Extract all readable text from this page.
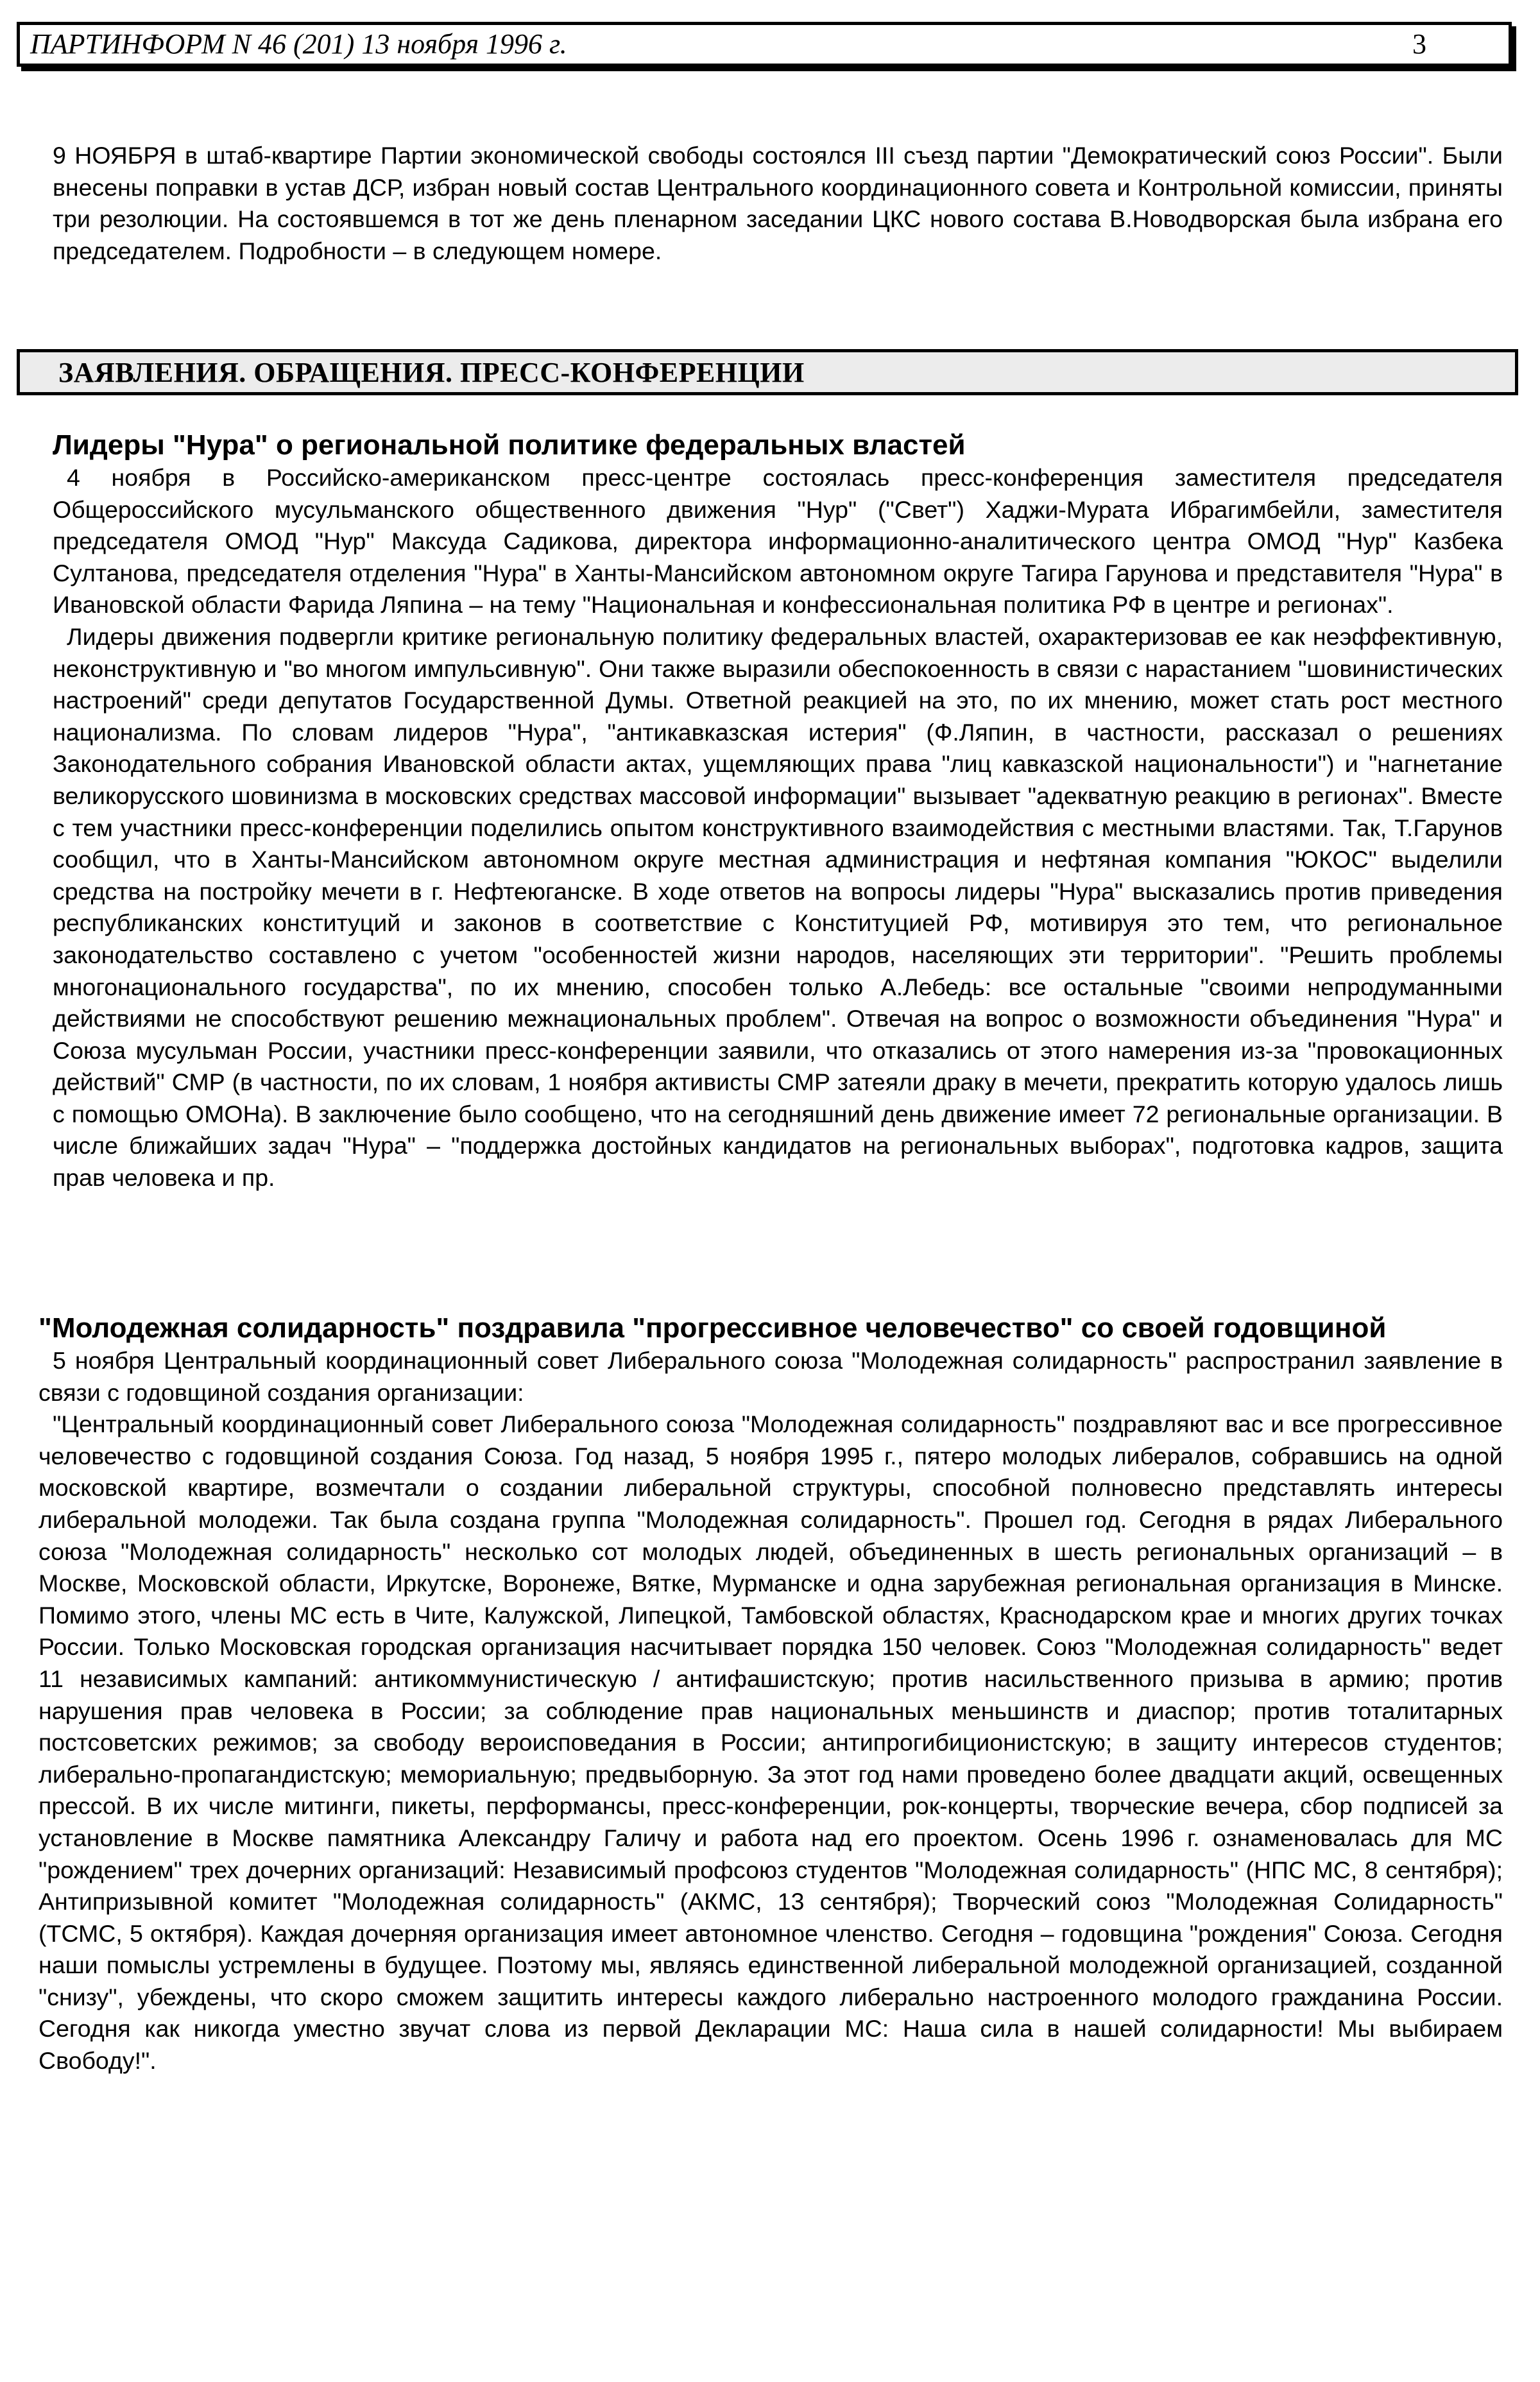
ПАРТИНФОРМ N 46 (201) 13 ноября 1996 г.	3

9 НОЯБРЯ в штаб-квартире Партии экономической свободы состоялся III съезд партии "Демократический союз России". Были внесены поправки в устав ДСР, избран новый состав Центрального координационного совета и Контрольной комиссии, приняты три резолюции. На состоявшемся в тот же день пленарном заседании ЦКС нового состава В.Новодворская была избрана его председателем. Подробности – в следующем номере.

ЗАЯВЛЕНИЯ. ОБРАЩЕНИЯ. ПРЕСС-КОНФЕРЕНЦИИ
Лидеры "Нура" о региональной политике федеральных властей

4 ноября в Российско-американском пресс-центре состоялась пресс-конференция заместителя председателя Общероссийского мусульманского общественного движения "Нур" ("Свет") Хаджи-Мурата Ибрагимбейли, заместителя председателя ОМОД "Нур" Максуда Садикова, директора информационно-аналитического центра ОМОД "Нур" Казбека Султанова, председателя отделения "Нура" в Ханты-Мансийском автономном округе Тагира Гарунова и представителя "Нура" в Ивановской области Фарида Ляпина – на тему "Национальная и конфессиональная политика РФ в центре и регионах".

Лидеры движения подвергли критике региональную политику федеральных властей, охарактеризовав ее как неэффективную, неконструктивную и "во многом импульсивную". Они также выразили обеспокоенность в связи с нарастанием "шовинистических настроений" среди депутатов Государственной Думы. Ответной реакцией на это, по их мнению, может стать рост местного национализма. По словам лидеров "Нура", "антикавказская истерия" (Ф.Ляпин, в частности, рассказал о решениях Законодательного собрания Ивановской области актах, ущемляющих права "лиц кавказской национальности") и "нагнетание великорусского шовинизма в московских средствах массовой информации" вызывает "адекватную реакцию в регионах". Вместе с тем участники пресс-конференции поделились опытом конструктивного взаимодействия с местными властями. Так, Т.Гарунов сообщил, что в Ханты-Мансийском автономном округе местная администрация и нефтяная компания "ЮКОС" выделили средства на постройку мечети в г. Нефтеюганске. В ходе ответов на вопросы лидеры "Нура" высказались против приведения республиканских конституций и законов в соответствие с Конституцией РФ, мотивируя это тем, что региональное законодательство составлено с учетом "особенностей жизни народов, населяющих эти территории". "Решить проблемы многонационального государства", по их мнению, способен только А.Лебедь: все остальные "своими непродуманными действиями не способствуют решению межнациональных проблем". Отвечая на вопрос о возможности объединения "Нура" и Союза мусульман России, участники пресс-конференции заявили, что отказались от этого намерения из-за "провокационных действий" СМР (в частности, по их словам, 1 ноября активисты СМР затеяли драку в мечети, прекратить которую удалось лишь с помощью ОМОНа). В заключение было сообщено, что на сегодняшний день движение имеет 72 региональные организации. В числе ближайших задач "Нура" – "поддержка достойных кандидатов на региональных выборах", подготовка кадров, защита прав человека и пр.

"Молодежная солидарность" поздравила "прогрессивное человечество" со своей годовщиной

5 ноября Центральный координационный совет Либерального союза "Молодежная солидарность" распространил заявление в связи с годовщиной создания организации:

"Центральный координационный совет Либерального союза "Молодежная солидарность" поздравляют вас и все прогрессивное человечество с годовщиной создания Союза. Год назад, 5 ноября 1995 г., пятеро молодых либералов, собравшись на одной московской квартире, возмечтали о создании либеральной структуры, способной полновесно представлять интересы либеральной молодежи. Так была создана группа "Молодежная солидарность". Прошел год. Сегодня в рядах Либерального союза "Молодежная солидарность" несколько сот молодых людей, объединенных в шесть региональных организаций – в Москве, Московской области, Иркутске, Воронеже, Вятке, Мурманске и одна зарубежная региональная организация в Минске. Помимо этого, члены МС есть в Чите, Калужской, Липецкой, Тамбовской областях, Краснодарском крае и многих других точках России. Только Московская городская организация насчитывает порядка 150 человек. Союз "Молодежная солидарность" ведет 11 независимых кампаний: антикоммунистическую / антифашистскую; против насильственного призыва в армию; против нарушения прав человека в России; за соблюдение прав национальных меньшинств и диаспор; против тоталитарных постсоветских режимов; за свободу вероисповедания в России; антипрогибиционистскую; в защиту интересов студентов; либерально-пропагандистскую; мемориальную; предвыборную. За этот год нами проведено более двадцати акций, освещенных прессой. В их числе митинги, пикеты, перформансы, пресс-конференции, рок-концерты, творческие вечера, сбор подписей за установление в Москве памятника Александру Галичу и работа над его проектом. Осень 1996 г. ознаменовалась для МС "рождением" трех дочерних организаций: Независимый профсоюз студентов "Молодежная солидарность" (НПС МС, 8 сентября); Антипризывной комитет "Молодежная солидарность" (АКМС, 13 сентября); Творческий союз "Молодежная Солидарность" (ТСМС, 5 октября). Каждая дочерняя организация имеет автономное членство. Сегодня – годовщина "рождения" Союза. Сегодня наши помыслы устремлены в будущее. Поэтому мы, являясь единственной либеральной молодежной организацией, созданной "снизу", убеждены, что скоро сможем защитить интересы каждого либерально настроенного молодого гражданина России. Сегодня как никогда уместно звучат слова из первой Декларации МС: Наша сила в нашей солидарности! Мы выбираем Свободу!".
